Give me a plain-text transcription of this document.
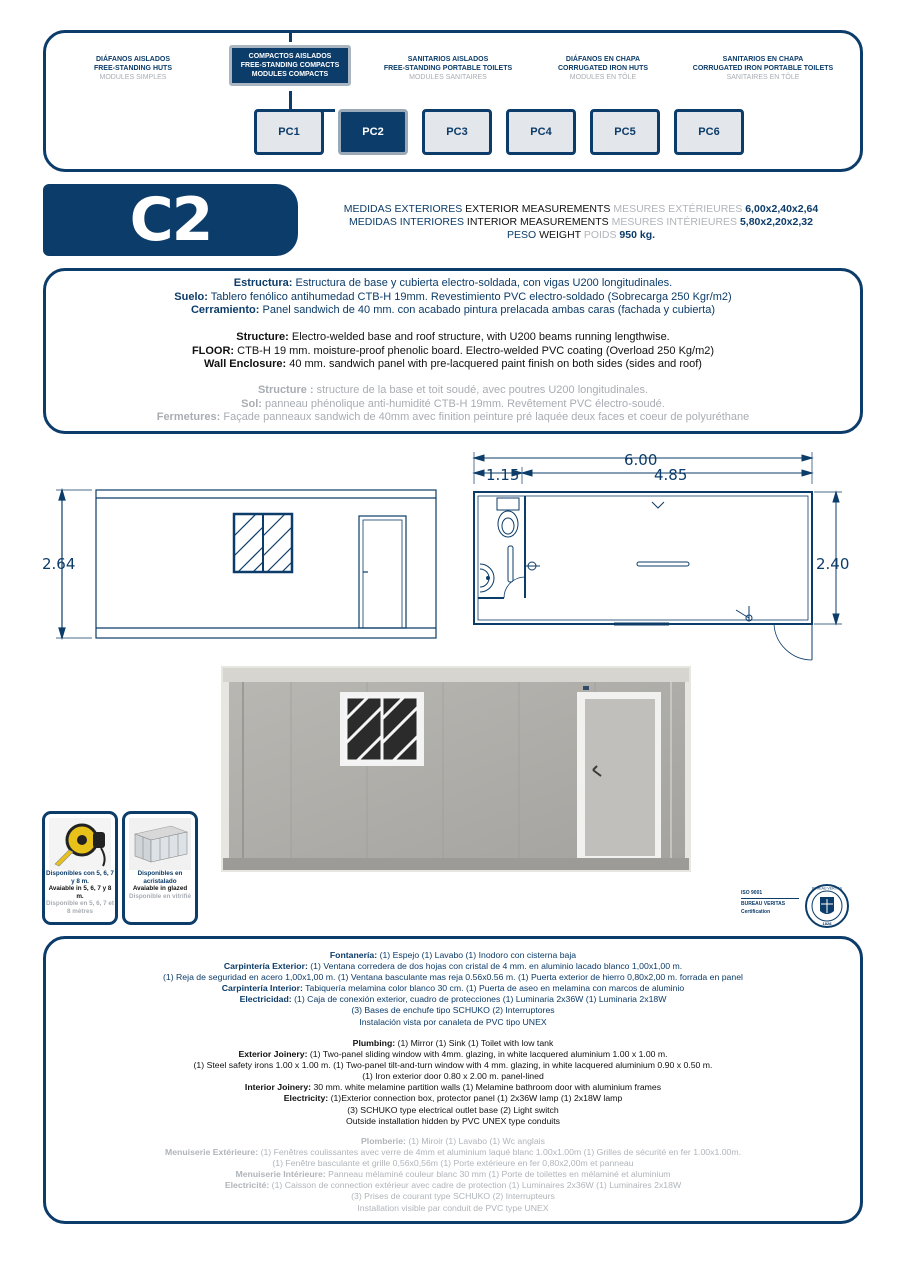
DIÁFANOS AISLADOS
FREE-STANDING HUTS
MODULES SIMPLES
COMPACTOS AISLADOS
FREE-STANDING COMPACTS
MODULES COMPACTS
SANITARIOS AISLADOS
FREE-STANDING PORTABLE TOILETS
MODULES SANITAIRES
DIÁFANOS EN CHAPA
CORRUGATED IRON HUTS
MODULES EN TÔLE
SANITARIOS EN CHAPA
CORRUGATED IRON PORTABLE TOILETS
SANITAIRES EN TÔLE
PC1	PC2	PC3	PC4	PC5	PC6
C2	MEDIDAS EXTERIORES EXTERIOR MEASUREMENTS MESURES EXTÉRIEURES 6,00x2,40x2,64
MEDIDAS INTERIORES INTERIOR MEASUREMENTS MESURES INTÉRIEURES 5,80x2,20x2,32
PESO WEIGHT POIDS 950 kg.
Estructura: Estructura de base y cubierta electro-soldada, con vigas U200 longitudinales.
Suelo: Tablero fenólico antihumedad CTB-H 19mm. Revestimiento PVC electro-soldado (Sobrecarga 250 Kgr/m2)
Cerramiento: Panel sandwich de 40 mm. con acabado pintura prelacada ambas caras (fachada y cubierta)
Structure: Electro-welded base and roof structure, with U200 beams running lengthwise.
FLOOR: CTB-H 19 mm. moisture-proof phenolic board. Electro-welded PVC coating (Overload 250 Kg/m2)
Wall Enclosure: 40 mm. sandwich panel with pre-lacquered paint finish on both sides (sides and roof)
Structure : structure de la base et toit soudé, avec poutres U200 longitudinales.
Sol: panneau phénolique anti-humidité CTB-H 19mm. Revêtement PVC électro-soudé.
Fermetures: Façade panneaux sandwich de 40mm avec finition peinture pré laquée deux faces et coeur de polyuréthane
2.64
6.00
1.15	4.85
2.40
Disponibles con 5, 6, 7 y 8 m.
Avaiable in 5, 6, 7 y 8 m.
Disponible en 5, 6, 7 et 8 mètres
Disponibles en acristalado
Avaiable in glazed
Disponible en vitrifié	ISO 9001
BUREAU VERITAS
Certification
BUREAU VERITAS
1828
Fontanería: (1) Espejo (1) Lavabo (1) Inodoro con cisterna baja
Carpintería Exterior: (1) Ventana corredera de dos hojas con cristal de 4 mm. en aluminio lacado blanco 1,00x1,00 m.
(1) Reja de seguridad en acero 1,00x1,00 m. (1) Ventana basculante mas reja 0.56x0.56 m. (1) Puerta exterior de hierro 0,80x2,00 m. forrada en panel
Carpintería Interior: Tabiquería melamina color blanco 30 cm. (1) Puerta de aseo en melamina con marcos de aluminio
Electricidad: (1) Caja de conexión exterior, cuadro de protecciones (1) Luminaria 2x36W (1) Luminaria 2x18W
(3) Bases de enchufe tipo SCHUKO (2) Interruptores
Instalación vista por canaleta de PVC tipo UNEX
Plumbing: (1) Mirror (1) Sink (1) Toilet with low tank
Exterior Joinery: (1) Two-panel sliding window with 4mm. glazing, in white lacquered aluminium 1.00 x 1.00 m.
(1) Steel safety irons 1.00 x 1.00 m. (1) Two-panel tilt-and-turn window with 4 mm. glazing, in white lacquered aluminium 0.90 x 0.50 m.
(1) Iron exterior door 0.80 x 2.00 m. panel-lined
Interior Joinery: 30 mm. white melamine partition walls (1) Melamine bathroom door with aluminium frames
Electricity: (1)Exterior connection box, protector panel (1) 2x36W lamp (1) 2x18W lamp
(3) SCHUKO type electrical outlet base (2) Light switch
Outside installation hidden by PVC UNEX type conduits
Plomberie: (1) Miroir (1) Lavabo (1) Wc anglais
Menuiserie Extérieure: (1) Fenêtres coulissantes avec verre de 4mm et aluminium laqué blanc 1.00x1.00m (1) Grilles de sécurité en fer 1.00x1.00m.
(1) Fenêtre basculante et grille 0,56x0,56m (1) Porte extérieure en fer 0,80x2,00m et panneau
Menuiserie Intérieure: Panneau mélaminé couleur blanc 30 mm (1) Porte de toilettes en mélaminé et aluminium
Electricité: (1) Caisson de connection extérieur avec cadre de protection (1) Luminaires 2x36W (1) Luminaires 2x18W
(3) Prises de courant type SCHUKO (2) Interrupteurs
Installation visible par conduit de PVC type UNEX
